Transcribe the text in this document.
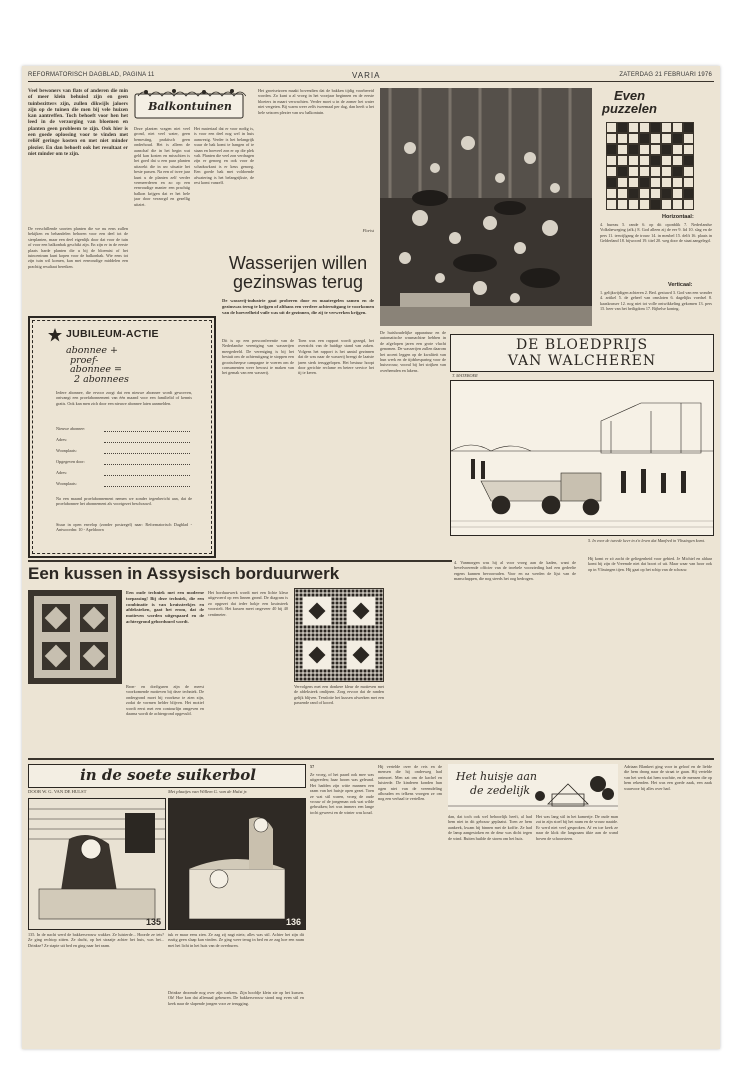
REFORMATORISCH DAGBLAD, PAGINA 11	VARIA	ZATERDAG 21 FEBRUARI 1976
Veel bewoners van flats of anderen die min of meer klein behuisd zijn en geen tuinbezitters zijn, zullen dikwijls jaloers zijn op de tuinen die men bij vele huizen kan aantreffen. Toch behoeft voor hen het leed in de verzorging van bloemen en planten geen probleem te zijn. Ook hier is een goede oplossing voor te vinden met reliëf geringe kosten en met niet minder plezier. En dan behoeft ook het resultaat er niet minder om te zijn.
De verschillende soorten planten die we nu eens zullen bekijken en behandelen behoren voor een deel tot de sierplanten, maar een deel eigenlijk door dat voor de tuin of voor een balkonbak geschikt zijn. En zijn er in de eerste plaats harde planten die u bij de bloemist of het tuincentrum kunt kopen voor de balkonbak. Wie eens tot zijn tuin wil komen, kan met eenvoudige middelen een prachtig resultaat bereiken.
Balkontuinen
Deze planten vragen niet veel grond, niet veel water, geen bemesting, praktisch geen onderhoud. Het is alleen de aanschaf die in het begin wat geld kan kosten en misschien is het goed dat u een paar planten uitzoekt die in uw situatie het beste passen. Na een of twee jaar kunt u de planten zelf verder vermeerderen en zo op een eenvoudige manier een prachtig balkon krijgen dat er het hele jaar door verzorgd en gezellig uitziet.
Het materiaal dat er voor nodig is, is voor een deel nog wel in huis aanwezig. Verder is het belangrijk waar de bak komt te hangen of te staan en hoeveel zon er op die plek valt. Planten die veel zon verdragen zijn er genoeg en ook voor de schaduwkant is er keus genoeg. Een goede bak met voldoende afwatering is het belangrijkste, de rest komt vanzelf.
Het groeiseizoen maakt bovendien dat de bakken tijdig voorbereid worden. Zo kunt u al vroeg in het voorjaar beginnen en de eerste bloeiers in maart verwachten. Verder moet u in de zomer het water niet vergeten. Bij warm weer zelfs tweemaal per dag, dan heeft u het hele seizoen plezier van uw balkontuin.
Florist
Even
puzzelen
Horizontaal:
4. bureau 5. rande 6. op dit oponblik 7. Nederlandse Volksbeweging (afk.) 8. God alleen zij de eer 9. lid 10. slag en de pers 11. terwijlgang de trouw 14. in meubel 15. delft 16. plaats in Gelderland 18. bijwoord 19. titel 20. weg door de staat aangelegd.
Verticaal:
1. gelijkwijdigen achteren 2. Bed. gestuwd 3. God van een wonder 4. artikel 5. de geheel van omsloten 6. dagelijks voedsel 8. kaaskrasser 12. nog niet tot volle ontwikkeling gekomen 13. pers 15. heer van het heiligdom 17. Bijbelse koning.
JUBILEUM-ACTIE
abonnee +
proef-
abonnee =
2 abonnees
Iedere abonnee, die ervoor zorgt dat een nieuwe abonnee wordt geworven, ontvangt een proefabonnement van één maand voor een familielid of kennis gratis. Ook kan men zich door een nieuwe abonnee laten aanmelden.
Nieuwe abonnee:
Adres:
Woonplaats:
Opgegeven door:
Adres:
Woonplaats:
Na een maand proefabonnement nemen we zonder tegenbericht aan, dat de proefabonnee het abonnement als voortgezet beschouwd.
Stuur in open envelop (zonder postzegel) naar: Reformatorisch Dagblad - Antwoordnr. 10 - Apeldoorn
Wasserijen willen gezinswas terug
De wasserij-industrie gaat proberen door en maatregelen samen en de gezinswas terug te krijgen of althans een verdere achteruitgang te voorkomen van de hoeveelheid vuile was uit de gezinnen, die zij te verwerken krijgen.
Dit is op een persconferentie van de Nederlandse vereniging van wasserijen meegedeeld. De vereniging is bij het bestuit om de achteruitgang te stoppen een grootscheepse campagne te voeren om de consumenten weer bewust te maken van het gemak van een wasserij.
Toen was een rapport wordt gezegd, het overzicht van de huidige stand van zaken. Volgens het rapport is het aantal gezinnen dat de was naar de wasserij brengt de laatste jaren sterk teruggelopen. Het bestuur hoopt door gerichte reclame en betere service het tij te keren.
De huishoudelijke apparatuur en de automatische wasmachine hebben in de afgelopen jaren een grote vlucht genomen. De wasserijen zullen daarom het accent leggen op de kwaliteit van hun werk en de tijdsbesparing voor de huisvrouw, vooral bij het strijken van overhemden en lakens.
DE BLOEDPRIJS
VAN WALCHEREN
T. MATEBOER
5. In voor de tweede keer in z'n leven dat Manfred in Vlissingen komt.
Een kussen in Assysisch borduurwerk
Een oude techniek met een moderne toepassing! Bij deze techniek, die een combinatie is van kruissteekjes en afdeksteken, gaat het erom, dat de motieven worden uitgespaard en de achtergrond geborduurd wordt.
Bron- en dorfiguren zijn de meest voorkomende motieven bij deze techniek. De ondergrond moet bij voorkeur te zien zijn, zodat de vormen helder blijven. Het motief wordt eerst met een contourlijn omgeven en daarna wordt de achtergrond opgevuld.
Het borduurwerk wordt met een lichte kleur uitgevoerd op een linnen grond. De diagram is zo opgezet dat ieder hokje een kruissteek voorstelt. Het kussen meet ongeveer 40 bij 40 centimeter.
Vervolgens met een donkere kleur de motieven met de afdeksteek omlijnen. Zorg ervoor dat de randen gelijk blijven. Tenslotte het kussen afwerken met een passende rand of koord.
4. Vanmorgen was hij al voor vroeg aan de kaden, want de bevelvoerende officier van de troebele voorzieding had een gedeelte ergens kunnen bevoorraden. Voor en na werden de lijst van de manschappen, die nog steeds het oog bedrogen.
Hij komt er zó zacht de geliegenheid voor gebied. Je Michiel en aldaar komt bij zijn de Vreemde niet dat boort of uit. Maar waar van hoor ook op in Vlissingen tijen. Hij gaat op het schip van de schouw.
in de soete suikerbol
DOOR W. G. VAN DE HULST	Met plaatjes van Willem G. van de Hulst jr.
135	136
135. In de nacht werd de bakkersvrouw wakker. Ze luisterde... Hoorde ze iets? Ze ging rechtop zitten. Ze dacht, op het straatje achter het huis, was het... Drinkse? Ze stapte uit bed en ging naar het raam.
tuk er maar eens zien. Ze zag zij nagt niets; alles was stil. Achter het zijn dit rustig geen slaap kan vinden. Ze ging weer terug in bed en ze zag hoe een raam met het licht in het huis van de overburen.
Drinkse droomde nog over zijn varkens. Zijn hoofdje klein zie op het kussen. Oh! Hoe kon dat allemaal gebeuren. De bakkersvrouw stond nog even stil en keek naar de slapende jongen voor ze terugging.
57
Ze vroeg, of het paard ook mee was uitgereden; haar hoorn was geleund. Het hadden zijn witte mannen een raam van het huisje open gezet. Toen ze wat stil waren, vroeg de oude vrouw of de jongeman ook wat wilde gebruiken; het was immers een lange tocht geweest en de winter was koud.
Hij vertelde over de reis en de mensen die hij onderweg had ontmoet. Men zat om de kachel en luisterde. De kinderen konden hun ogen niet van de vreemdeling afhouden en telkens vroegen ze om nog een verhaal te vertellen.
Het huisje aan
de zedelijk
dan, dat toch ook wel behoorlijk heeft, al had hem niet in dit gebouw geplaatst. Toen ze hem aankeek, kwam hij binnen met de koffie. Ze had de lamp aangestoken en de deur was dicht tegen de wind. Buiten huilde de storm om het huis.
Het was lang stil in het kamertje. De oude man zat in zijn stoel bij het raam en de vrouw naaide. Er werd niet veel gesproken. Af en toe keek ze naar de klok die langzaam tikte aan de wand boven de schoorsteen.
Adriaan Blankert ging voor in geloof en de liefde die hem drong naar de straat te gaan. Hij vertelde van het werk dat hem wachtte, en de mensen die op hem rekenden. Het was een goede zaak, een zaak waarvoor hij alles over had.
